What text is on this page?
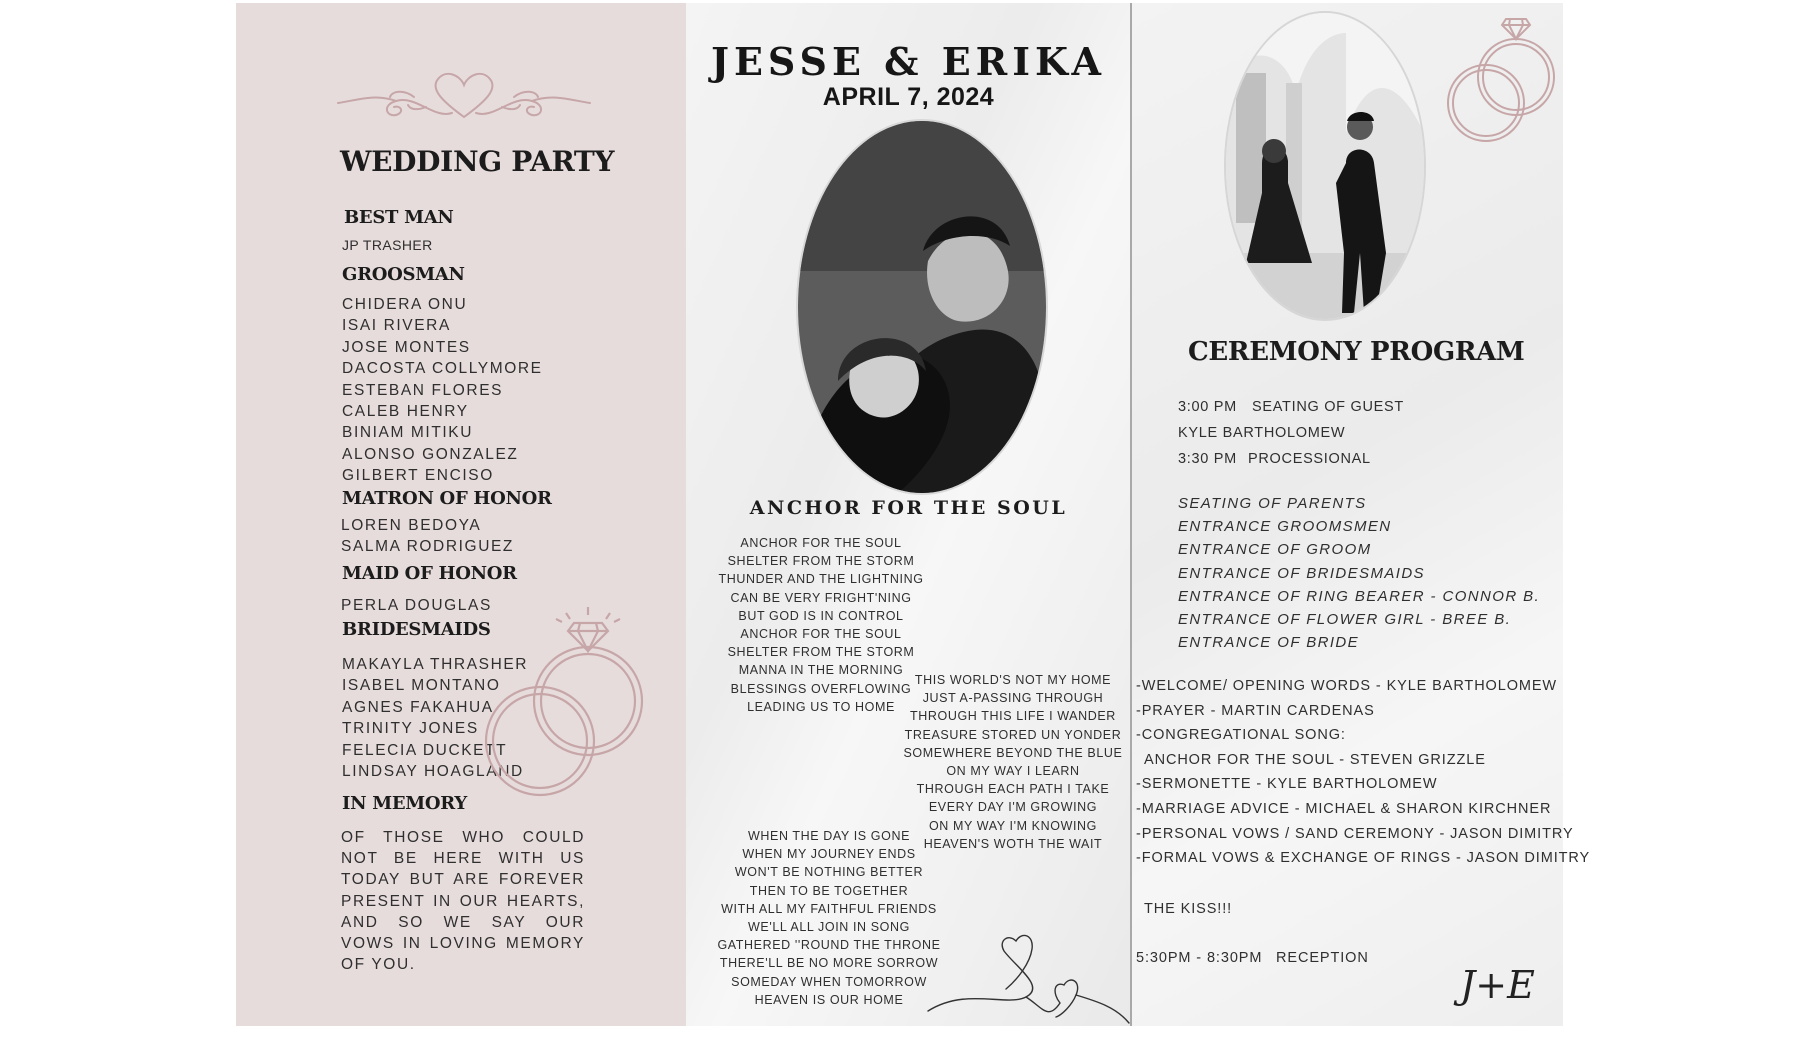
WEDDING PARTY
BEST MAN
JP TRASHER
GROOSMAN
CHIDERA ONU
ISAI RIVERA
JOSE MONTES
DACOSTA COLLYMORE
ESTEBAN FLORES
CALEB HENRY
BINIAM MITIKU
ALONSO GONZALEZ
GILBERT ENCISO
MATRON OF HONOR
LOREN BEDOYA
SALMA RODRIGUEZ
MAID OF HONOR
PERLA DOUGLAS
BRIDESMAIDS
MAKAYLA THRASHER
ISABEL MONTANO
AGNES FAKAHUA
TRINITY JONES
FELECIA DUCKETT
LINDSAY HOAGLAND
IN MEMORY
OF THOSE WHO COULD NOT BE HERE WITH US TODAY BUT ARE FOREVER PRESENT IN OUR HEARTS, AND SO WE SAY OUR VOWS IN LOVING MEMORY OF YOU.
JESSE & ERIKA
APRIL 7, 2024
ANCHOR FOR THE SOUL
ANCHOR FOR THE SOUL
SHELTER FROM THE STORM
THUNDER AND THE LIGHTNING
CAN BE VERY FRIGHT'NING
BUT GOD IS IN CONTROL
ANCHOR FOR THE SOUL
SHELTER FROM THE STORM
MANNA IN THE MORNING
BLESSINGS OVERFLOWING
LEADING US TO HOME
THIS WORLD'S NOT MY HOME
JUST A-PASSING THROUGH
THROUGH THIS LIFE I WANDER
TREASURE STORED UN YONDER
SOMEWHERE BEYOND THE BLUE
ON MY WAY I LEARN
THROUGH EACH PATH I TAKE
EVERY DAY I'M GROWING
ON MY WAY I'M KNOWING
HEAVEN'S WOTH THE WAIT
WHEN THE DAY IS GONE
WHEN MY JOURNEY ENDS
WON'T BE NOTHING BETTER
THEN TO BE TOGETHER
WITH ALL MY FAITHFUL FRIENDS
WE'LL ALL JOIN IN SONG
GATHERED ''ROUND THE THRONE
THERE'LL BE NO MORE SORROW
SOMEDAY WHEN TOMORROW
HEAVEN IS OUR HOME
CEREMONY PROGRAM
3:00 PM SEATING OF GUEST
KYLE BARTHOLOMEW
3:30 PM PROCESSIONAL
SEATING OF PARENTS
ENTRANCE GROOMSMEN
ENTRANCE OF GROOM
ENTRANCE OF BRIDESMAIDS
ENTRANCE OF RING BEARER - CONNOR B.
ENTRANCE OF FLOWER GIRL - BREE B.
ENTRANCE OF BRIDE
-WELCOME/ OPENING WORDS - KYLE BARTHOLOMEW
-PRAYER - MARTIN CARDENAS
-CONGREGATIONAL SONG:
ANCHOR FOR THE SOUL - STEVEN GRIZZLE
-SERMONETTE - KYLE BARTHOLOMEW
-MARRIAGE ADVICE - MICHAEL & SHARON KIRCHNER
-PERSONAL VOWS / SAND CEREMONY - JASON DIMITRY
-FORMAL VOWS & EXCHANGE OF RINGS - JASON DIMITRY
THE KISS!!!
5:30PM - 8:30PM RECEPTION
J+E
